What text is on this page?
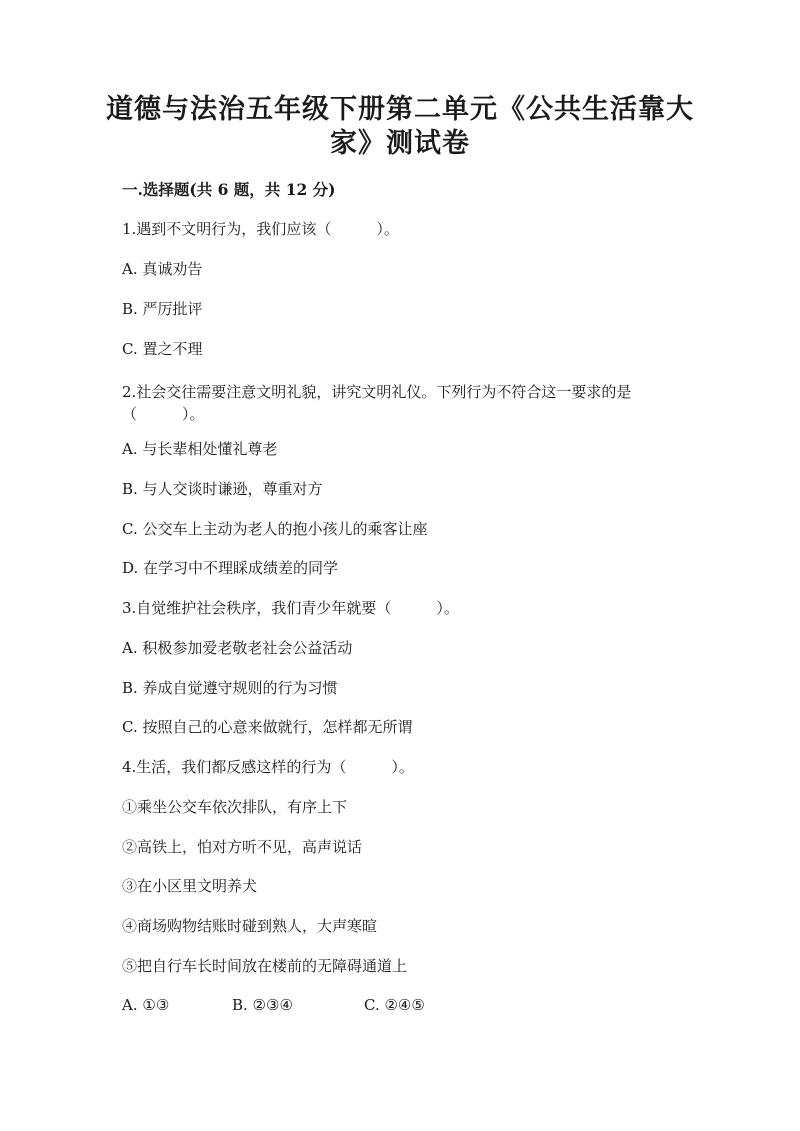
道德与法治五年级下册第二单元《公共生活靠大
家》测试卷
一.选择题(共 6 题，共 12 分)
1.遇到不文明行为，我们应该（　　　）。
A. 真诚劝告
B. 严厉批评
C. 置之不理
2.社会交往需要注意文明礼貌，讲究文明礼仪。下列行为不符合这一要求的是
（　　　）。
A. 与长辈相处懂礼尊老
B. 与人交谈时谦逊，尊重对方
C. 公交车上主动为老人的抱小孩儿的乘客让座
D. 在学习中不理睬成绩差的同学
3.自觉维护社会秩序，我们青少年就要（　　　）。
A. 积极参加爱老敬老社会公益活动
B. 养成自觉遵守规则的行为习惯
C. 按照自己的心意来做就行，怎样都无所谓
4.生活，我们都反感这样的行为（　　　）。
①乘坐公交车依次排队，有序上下
②高铁上，怕对方听不见，高声说话
③在小区里文明养犬
④商场购物结账时碰到熟人，大声寒暄
⑤把自行车长时间放在楼前的无障碍通道上
A. ①③	B. ②③④	C. ②④⑤
